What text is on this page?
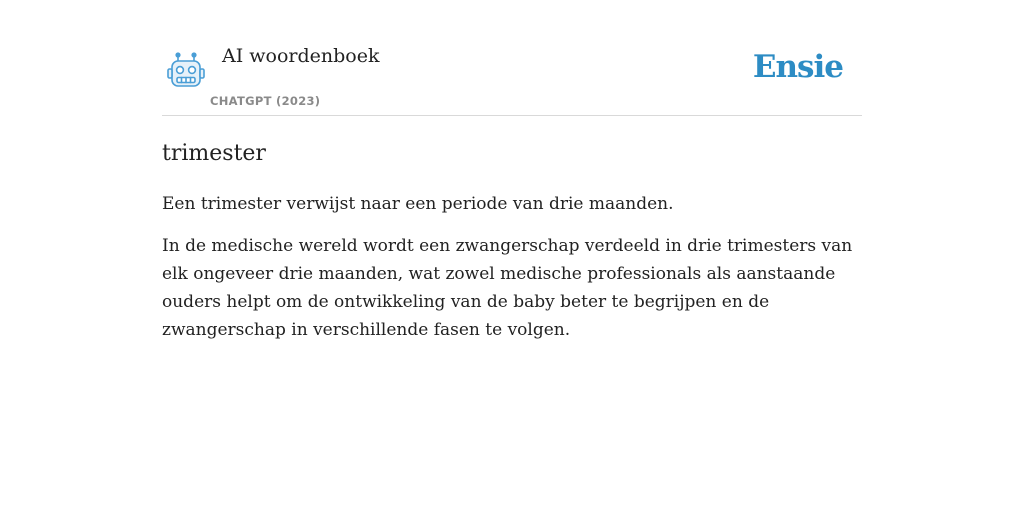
AI woordenboek
CHATGPT (2023)
Ensie
trimester

Een trimester verwijst naar een periode van drie maanden.

In de medische wereld wordt een zwangerschap verdeeld in drie trimesters van elk ongeveer drie maanden, wat zowel medische professionals als aanstaande ouders helpt om de ontwikkeling van de baby beter te begrijpen en de zwangerschap in verschillende fasen te volgen.
